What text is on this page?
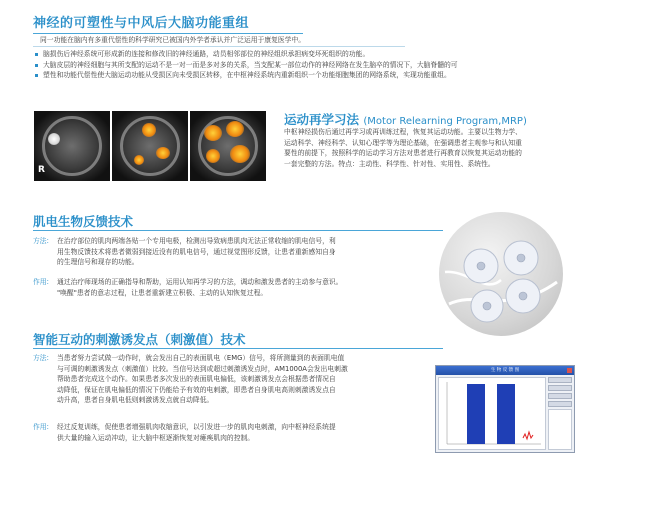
神经的可塑性与中风后大脑功能重组
同一功能在脑内有多重代偿性的科学研究已被国内外学者承认并广泛运用于康复医学中。
脑损伤后神经系统可形成新的连接和修改旧的神经通路，动员相邻部位的神经组织承担病变坏死组织的功能。
大脑皮层的神经细胞与其所支配的运动不是一对一而是多对多的关系，当支配某一部位动作的神经网络在发生脑卒的情况下，大脑脊髓的可
塑性和功能代偿性使大脑运动功能从受损区向未受损区转移，在中枢神经系统内重新组织一个功能细胞集团的网络系统，实现功能重组。
R
运动再学习法 (Motor Relearning Program,MRP)
中枢神经损伤后通过再学习或再训练过程，恢复其运动功能。主要以生物力学、
运动科学、神经科学、认知心理学等为理论基础，在强调患者主观参与和认知重
要性的前提下，按照科学的运动学习方法对患者进行再教育以恢复其运动功能的
一套完整的方法。特点：主动性、科学性、针对性、实用性、系统性。
肌电生物反馈技术
方法: 在治疗部位的肌肉两端各贴一个专用电极，检测出导致病患肌肉无法正常收缩的肌电信号，利
用生物反馈技术将患者微弱到接近没有的肌电信号，通过视觉图形反馈，让患者重新感知自身
的生理信号和现存的功能。
作用: 通过治疗师现场的正确指导和帮助，运用认知再学习的方法，调动和激发患者的主动参与意识。
"唤醒"患者的意志过程，让患者重新建立积极、主动的认知恢复过程。
智能互动的刺激诱发点（刺激值）技术
方法: 当患者努力尝试做一动作时，就会发出自己的表面肌电（EMG）信号，将所测量到的表面肌电值
与可调的刺激诱发点（刺激值）比较。当信号达到或超过刺激诱发点时，AM1000A会发出电刺激
帮助患者完成这个动作。如果患者多次发出的表面肌电偏低，该刺激诱发点会根据患者情况自
动降低，保证在肌电偏低的情况下仍能给予有效的电刺激，即患者自身肌电高则刺激诱发点自
动升高，患者自身肌电低则刺激诱发点就自动降低。
作用: 经过反复训练，促使患者增强肌肉收缩意识，以引发进一步的肌肉电刺激，向中枢神经系统提
供大量的输入运动冲动，让大脑中枢逐渐恢复对瘫痪肌肉的控制。
生 物 反 馈 图
